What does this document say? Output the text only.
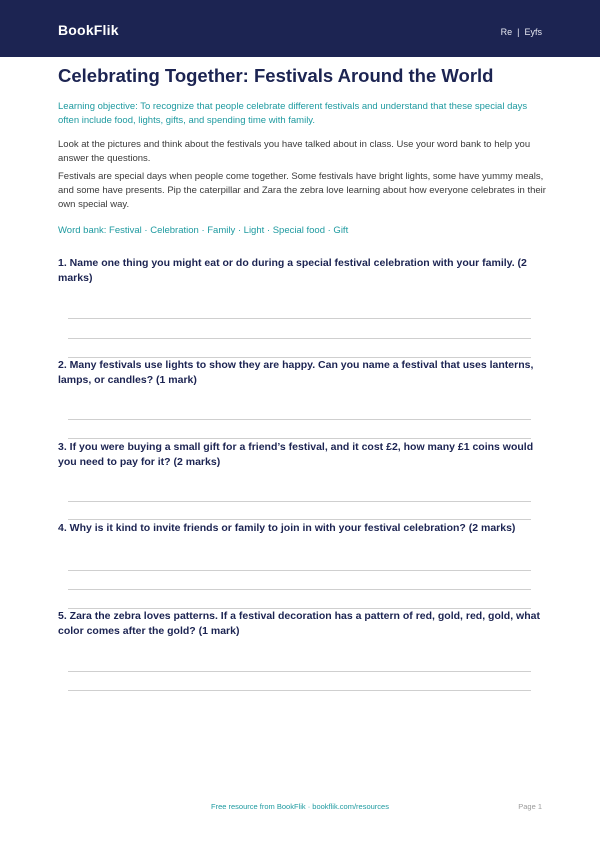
BookFlik	Re | Eyfs
Celebrating Together: Festivals Around the World

Learning objective: To recognize that people celebrate different festivals and understand that these special days often include food, lights, gifts, and spending time with family.

Look at the pictures and think about the festivals you have talked about in class. Use your word bank to help you answer the questions.

Festivals are special days when people come together. Some festivals have bright lights, some have yummy meals, and some have presents. Pip the caterpillar and Zara the zebra love learning about how everyone celebrates in their own special way.

Word bank: Festival · Celebration · Family · Light · Special food · Gift

1. Name one thing you might eat or do during a special festival celebration with your family. (2 marks)

2. Many festivals use lights to show they are happy. Can you name a festival that uses lanterns, lamps, or candles? (1 mark)

3. If you were buying a small gift for a friend’s festival, and it cost £2, how many £1 coins would you need to pay for it? (2 marks)

4. Why is it kind to invite friends or family to join in with your festival celebration? (2 marks)

5. Zara the zebra loves patterns. If a festival decoration has a pattern of red, gold, red, gold, what color comes after the gold? (1 mark)

Free resource from BookFlik · bookflik.com/resources	Page 1
